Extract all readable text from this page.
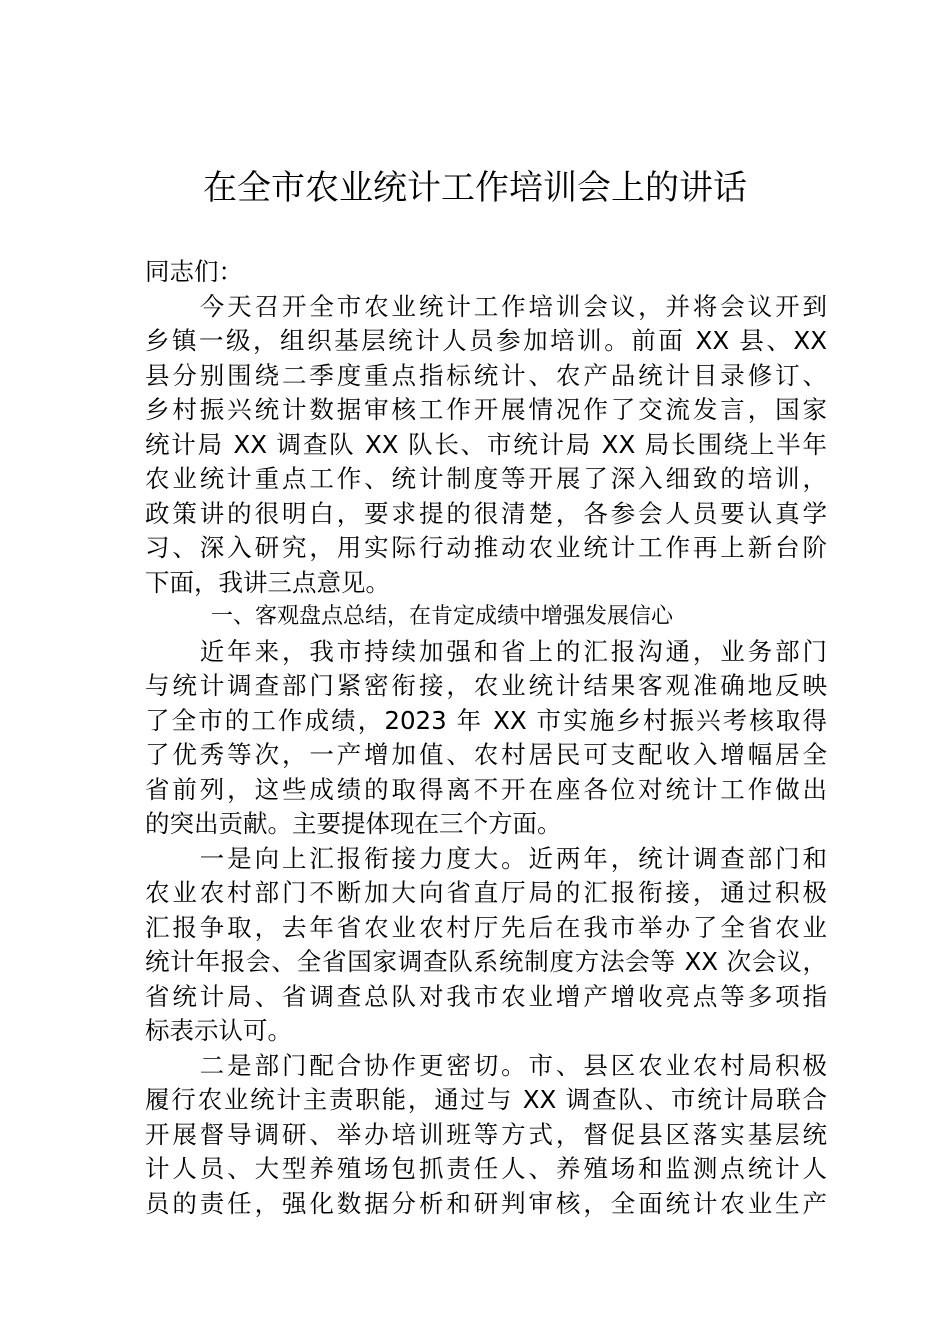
在全市农业统计工作培训会上的讲话
同志们：
　　今天召开全市农业统计工作培训会议，并将会议开到
乡镇一级，组织基层统计人员参加培训。前面 XX 县、XX
县分别围绕二季度重点指标统计、农产品统计目录修订、
乡村振兴统计数据审核工作开展情况作了交流发言，国家
统计局 XX 调查队 XX 队长、市统计局 XX 局长围绕上半年
农业统计重点工作、统计制度等开展了深入细致的培训，
政策讲的很明白，要求提的很清楚，各参会人员要认真学
习、深入研究，用实际行动推动农业统计工作再上新台阶
下面，我讲三点意见。
　　　一、客观盘点总结，在肯定成绩中增强发展信心
　　近年来，我市持续加强和省上的汇报沟通，业务部门
与统计调查部门紧密衔接，农业统计结果客观准确地反映
了全市的工作成绩，2023 年 XX 市实施乡村振兴考核取得
了优秀等次，一产增加值、农村居民可支配收入增幅居全
省前列，这些成绩的取得离不开在座各位对统计工作做出
的突出贡献。主要提体现在三个方面。
　　一是向上汇报衔接力度大。近两年，统计调查部门和
农业农村部门不断加大向省直厅局的汇报衔接，通过积极
汇报争取，去年省农业农村厅先后在我市举办了全省农业
统计年报会、全省国家调查队系统制度方法会等 XX 次会议，
省统计局、省调查总队对我市农业增产增收亮点等多项指
标表示认可。
　　二是部门配合协作更密切。市、县区农业农村局积极
履行农业统计主责职能，通过与 XX 调查队、市统计局联合
开展督导调研、举办培训班等方式，督促县区落实基层统
计人员、大型养殖场包抓责任人、养殖场和监测点统计人
员的责任，强化数据分析和研判审核，全面统计农业生产
